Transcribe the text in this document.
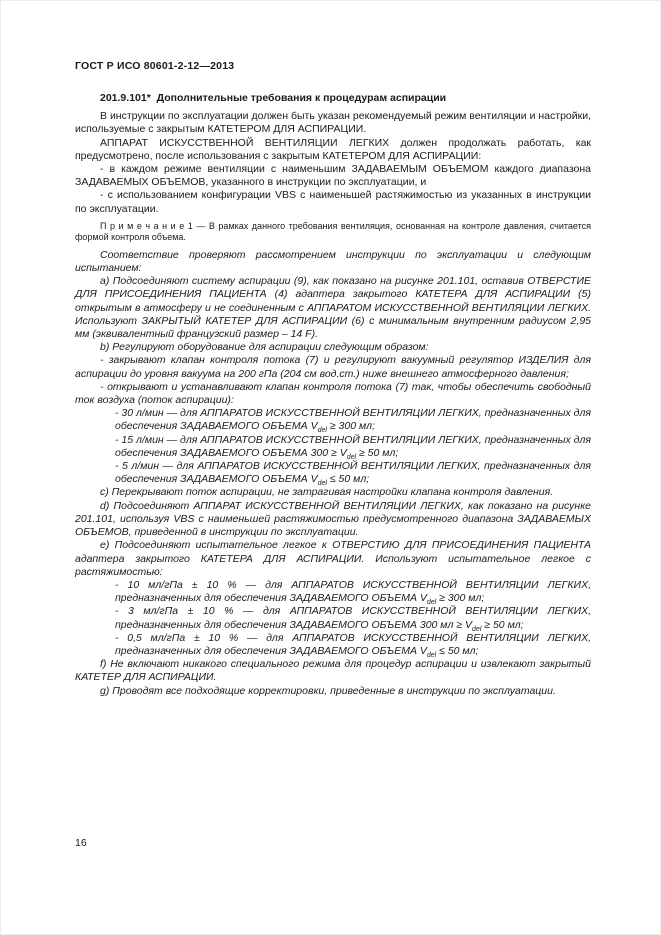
ГОСТ Р ИСО 80601-2-12—2013

201.9.101*  Дополнительные требования к процедурам аспирации

В инструкции по эксплуатации должен быть указан рекомендуемый режим вентиляции и настройки, используемые с закрытым КАТЕТЕРОМ ДЛЯ АСПИРАЦИИ.

АППАРАТ ИСКУССТВЕННОЙ ВЕНТИЛЯЦИИ ЛЕГКИХ должен продолжать работать, как предусмотрено, после использования с закрытым КАТЕТЕРОМ ДЛЯ АСПИРАЦИИ:

- в каждом режиме вентиляции с наименьшим ЗАДАВАЕМЫМ ОБЪЕМОМ каждого диапазона ЗАДАВАЕМЫХ ОБЪЕМОВ, указанного в инструкции по эксплуатации, и

- с использованием конфигурации VBS с наименьшей растяжимостью из указанных в инструкции по эксплуатации.

П р и м е ч а н и е 1 — В рамках данного требования вентиляция, основанная на контроле давления, считается формой контроля объема.

Соответствие проверяют рассмотрением инструкции по эксплуатации и следующим испытанием:

a) Подсоединяют систему аспирации (9), как показано на рисунке 201.101, оставив ОТВЕРСТИЕ ДЛЯ ПРИСОЕДИНЕНИЯ ПАЦИЕНТА (4) адаптера закрытого КАТЕТЕРА ДЛЯ АСПИРАЦИИ (5) открытым в атмосферу и не соединенным с АППАРАТОМ ИСКУССТВЕННОЙ ВЕНТИЛЯЦИИ ЛЕГКИХ. Используют ЗАКРЫТЫЙ КАТЕТЕР ДЛЯ АСПИРАЦИИ (6) с минимальным внутренним радиусом 2,95 мм (эквивалентный французский размер – 14 F).

b) Регулируют оборудование для аспирации следующим образом:

- закрывают клапан контроля потока (7) и регулируют вакуумный регулятор ИЗДЕЛИЯ для аспирации до уровня вакуума на 200 гПа (204 см вод.ст.) ниже внешнего атмосферного давления;

- открывают и устанавливают клапан контроля потока (7) так, чтобы обеспечить свободный ток воздуха (поток аспирации):

- 30 л/мин — для АППАРАТОВ ИСКУССТВЕННОЙ ВЕНТИЛЯЦИИ ЛЕГКИХ, предназначенных для обеспечения ЗАДАВАЕМОГО ОБЪЕМА $V_{del} \ge 300$ мл;

- 15 л/мин — для АППАРАТОВ ИСКУССТВЕННОЙ ВЕНТИЛЯЦИИ ЛЕГКИХ, предназначенных для обеспечения ЗАДАВАЕМОГО ОБЪЕМА $300 \ge V_{del} \ge 50$ мл;

- 5 л/мин — для АППАРАТОВ ИСКУССТВЕННОЙ ВЕНТИЛЯЦИИ ЛЕГКИХ, предназначенных для обеспечения ЗАДАВАЕМОГО ОБЪЕМА $V_{del} \le 50$ мл;

c) Перекрывают поток аспирации, не затрагивая настройки клапана контроля давления.

d) Подсоединяют АППАРАТ ИСКУССТВЕННОЙ ВЕНТИЛЯЦИИ ЛЕГКИХ, как показано на рисунке 201.101, используя VBS с наименьшей растяжимостью предусмотренного диапазона ЗАДАВАЕМЫХ ОБЪЕМОВ, приведенной в инструкции по эксплуатации.

e) Подсоединяют испытательное легкое к ОТВЕРСТИЮ ДЛЯ ПРИСОЕДИНЕНИЯ ПАЦИЕНТА адаптера закрытого КАТЕТЕРА ДЛЯ АСПИРАЦИИ. Используют испытательное легкое с растяжимостью:

- 10 мл/гПа ± 10 % — для АППАРАТОВ ИСКУССТВЕННОЙ ВЕНТИЛЯЦИИ ЛЕГКИХ, предназначенных для обеспечения ЗАДАВАЕМОГО ОБЪЕМА $V_{del} \ge 300$ мл;

- 3 мл/гПа ± 10 % — для АППАРАТОВ ИСКУССТВЕННОЙ ВЕНТИЛЯЦИИ ЛЕГКИХ, предназначенных для обеспечения ЗАДАВАЕМОГО ОБЪЕМА 300 мл ≥ $V_{del} \ge 50$ мл;

- 0,5 мл/гПа ± 10 % — для АППАРАТОВ ИСКУССТВЕННОЙ ВЕНТИЛЯЦИИ ЛЕГКИХ, предназначенных для обеспечения ЗАДАВАЕМОГО ОБЪЕМА $V_{del} \le 50$ мл;

f) Не включают никакого специального режима для процедур аспирации и извлекают закрытый КАТЕТЕР ДЛЯ АСПИРАЦИИ.

g) Проводят все подходящие корректировки, приведенные в инструкции по эксплуатации.

16
